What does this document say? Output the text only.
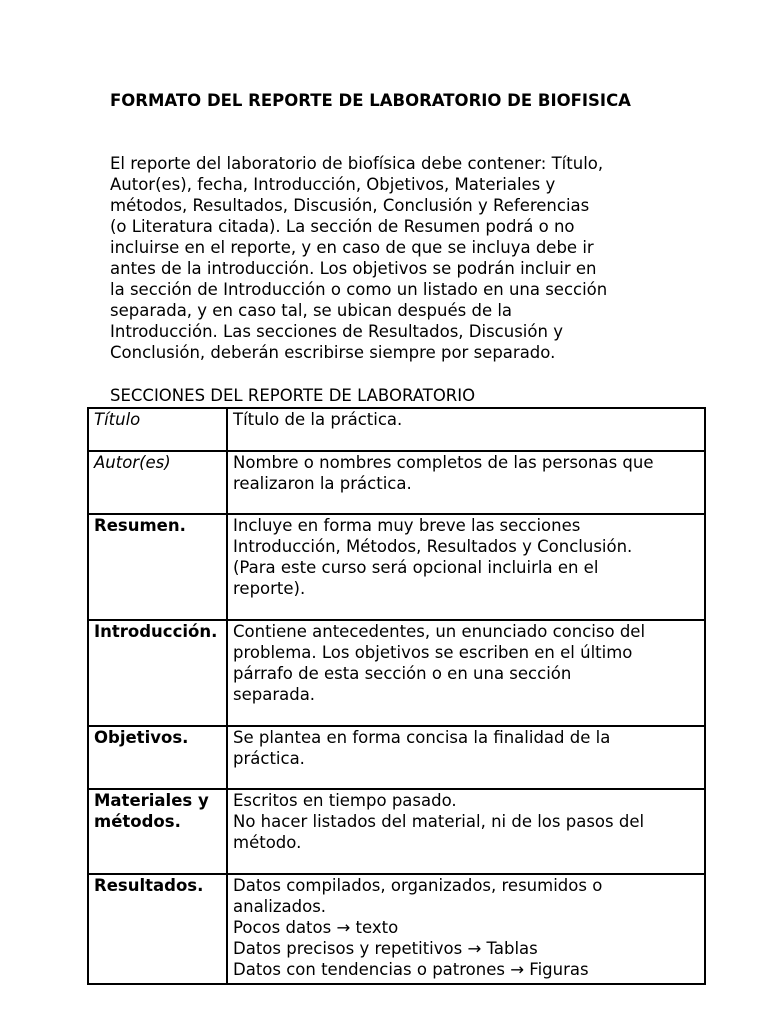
FORMATO DEL REPORTE DE LABORATORIO DE BIOFISICA

El reporte del laboratorio de biofísica debe contener: Título,
Autor(es), fecha, Introducción, Objetivos, Materiales y
métodos, Resultados, Discusión, Conclusión y Referencias
(o Literatura citada). La sección de Resumen podrá o no
incluirse en el reporte, y en caso de que se incluya debe ir
antes de la introducción. Los objetivos se podrán incluir en
la sección de Introducción o como un listado en una sección
separada, y en caso tal, se ubican después de la
Introducción. Las secciones de Resultados, Discusión y
Conclusión, deberán escribirse siempre por separado.

SECCIONES DEL REPORTE DE LABORATORIO

Título	Título de la práctica.

Autor(es)	Nombre o nombres completos de las personas que
realizaron la práctica.

Resumen.	Incluye en forma muy breve las secciones
Introducción, Métodos, Resultados y Conclusión.
(Para este curso será opcional incluirla en el
reporte).

Introducción.	Contiene antecedentes, un enunciado conciso del
problema. Los objetivos se escriben en el último
párrafo de esta sección o en una sección
separada.

Objetivos.	Se plantea en forma concisa la finalidad de la
práctica.

Materiales y métodos.	Escritos en tiempo pasado.
No hacer listados del material, ni de los pasos del
método.

Resultados.	Datos compilados, organizados, resumidos o
analizados.
Pocos datos → texto
Datos precisos y repetitivos → Tablas
Datos con tendencias o patrones → Figuras
